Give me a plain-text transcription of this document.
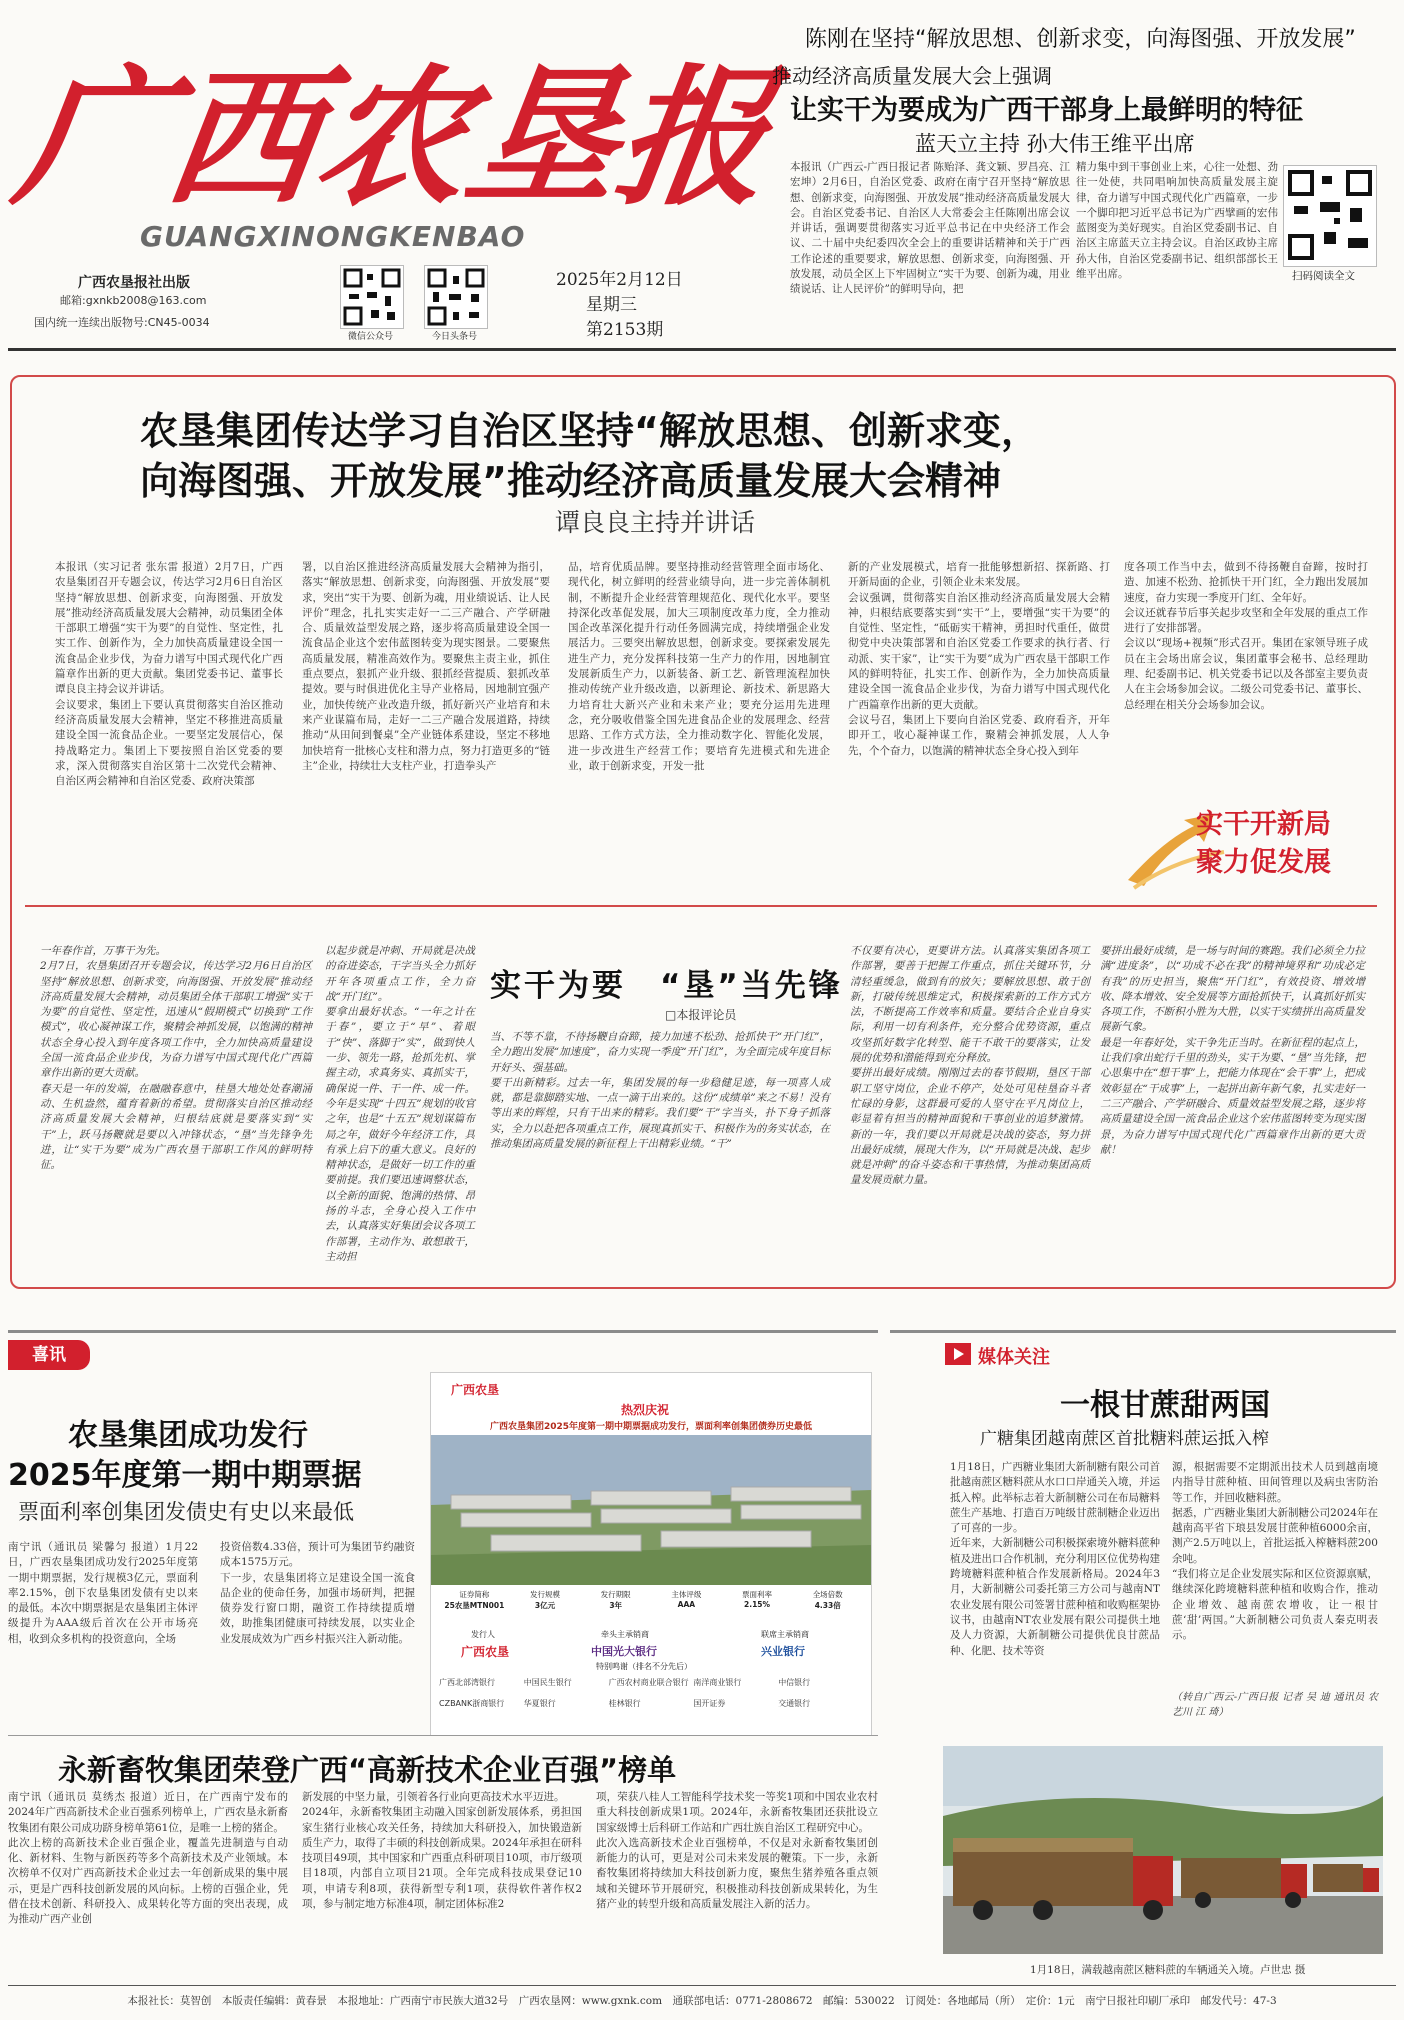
广西农垦报
GUANGXINONGKENBAO
广西农垦报社出版
邮箱:gxnkb2008@163.com
国内统一连续出版物号:CN45-0034
微信公众号	今日头条号
2025年2月12日
星期三
第2153期
陈刚在坚持“解放思想、创新求变，向海图强、开放发展”
推动经济高质量发展大会上强调
让实干为要成为广西干部身上最鲜明的特征
蓝天立主持 孙大伟王维平出席
本报讯（广西云-广西日报记者 陈贻泽、龚文颖、罗昌亮、江宏坤）2月6日，自治区党委、政府在南宁召开坚持“解放思想、创新求变，向海图强、开放发展”推动经济高质量发展大会。自治区党委书记、自治区人大常委会主任陈刚出席会议并讲话，强调要贯彻落实习近平总书记在中央经济工作会议、二十届中央纪委四次全会上的重要讲话精神和关于广西工作论述的重要要求，解放思想、创新求变，向海图强、开放发展，动员全区上下牢固树立“实干为要、创新为魂，用业绩说话、让人民评价”的鲜明导向，把
精力集中到干事创业上来，心往一处想、劲往一处使，共同唱响加快高质量发展主旋律，奋力谱写中国式现代化广西篇章，一步一个脚印把习近平总书记为广西擘画的宏伟蓝图变为美好现实。自治区党委副书记、自治区主席蓝天立主持会议。自治区政协主席孙大伟，自治区党委副书记、组织部部长王维平出席。	扫码阅读全文
农垦集团传达学习自治区坚持“解放思想、创新求变，
向海图强、开放发展”推动经济高质量发展大会精神
谭良良主持并讲话
本报讯（实习记者 张东雷 报道）2月7日，广西农垦集团召开专题会议，传达学习2月6日自治区坚持“解放思想、创新求变，向海图强、开放发展”推动经济高质量发展大会精神，动员集团全体干部职工增强“实干为要”的自觉性、坚定性，扎实工作、创新作为，全力加快高质量建设全国一流食品企业步伐，为奋力谱写中国式现代化广西篇章作出新的更大贡献。集团党委书记、董事长谭良良主持会议并讲话。
会议要求，集团上下要认真贯彻落实自治区推动经济高质量发展大会精神，坚定不移推进高质量建设全国一流食品企业。一要坚定发展信心，保持战略定力。集团上下要按照自治区党委的要求，深入贯彻落实自治区第十二次党代会精神、自治区两会精神和自治区党委、政府决策部
署，以自治区推进经济高质量发展大会精神为指引，落实“解放思想、创新求变，向海图强、开放发展”要求，突出“实干为要、创新为魂，用业绩说话、让人民评价”理念，扎扎实实走好一二三产融合、产学研融合、质量效益型发展之路，逐步将高质量建设全国一流食品企业这个宏伟蓝图转变为现实图景。二要聚焦高质量发展，精准高效作为。要聚焦主责主业，抓住重点要点，狠抓产业升级、狠抓经营提质、狠抓改革提效。要与时俱进优化主导产业格局，因地制宜强产业，加快传统产业改造升级，抓好新兴产业培育和未来产业谋篇布局，走好一二三产融合发展道路，持续推动“从田间到餐桌”全产业链体系建设，坚定不移地加快培育一批核心支柱和潜力点，努力打造更多的“链主”企业，持续壮大支柱产业，打造拳头产
品，培育优质品牌。要坚持推动经营管理全面市场化、现代化，树立鲜明的经营业绩导向，进一步完善体制机制，不断提升企业经营管理规范化、现代化水平。要坚持深化改革促发展，加大三项制度改革力度，全力推动国企改革深化提升行动任务圆满完成，持续增强企业发展活力。三要突出解放思想，创新求变。要探索发展先进生产力，充分发挥科技第一生产力的作用，因地制宜发展新质生产力，以新装备、新工艺、新管理流程加快推动传统产业升级改造，以新理论、新技术、新思路大力培育壮大新兴产业和未来产业；要充分运用先进理念，充分吸收借鉴全国先进食品企业的发展理念、经营思路、工作方式方法，全力推动数字化、智能化发展，进一步改进生产经营工作；要培育先进模式和先进企业，敢于创新求变，开发一批
新的产业发展模式，培育一批能够想新招、探新路、打开新局面的企业，引领企业未来发展。
会议强调，贯彻落实自治区推动经济高质量发展大会精神，归根结底要落实到“实干”上，要增强“实干为要”的自觉性、坚定性，“砥砺实干精神，勇担时代重任，做贯彻党中央决策部署和自治区党委工作要求的执行者、行动派、实干家”，让“实干为要”成为广西农垦干部职工作风的鲜明特征，扎实工作、创新作为，全力加快高质量建设全国一流食品企业步伐，为奋力谱写中国式现代化广西篇章作出新的更大贡献。
会议号召，集团上下要向自治区党委、政府看齐，开年即开工，收心凝神谋工作，聚精会神抓发展，人人争先，个个奋力，以饱满的精神状态全身心投入到年
度各项工作当中去，做到不待扬鞭自奋蹄，按时打造、加速不松劲、抢抓快干开门红，全力跑出发展加速度，奋力实现一季度开门红、全年好。
会议还就春节后事关起步攻坚和全年发展的重点工作进行了安排部署。
会议以“现场+视频”形式召开。集团在家领导班子成员在主会场出席会议，集团董事会秘书、总经理助理、纪委副书记、机关党委书记以及各部室主要负责人在主会场参加会议。二级公司党委书记、董事长、总经理在相关分会场参加会议。
实干开新局
聚力促发展
实干为要　“垦”当先锋
□本报评论员
一年春作首，万事干为先。
2月7日，农垦集团召开专题会议，传达学习2月6日自治区坚持“解放思想、创新求变，向海图强、开放发展”推动经济高质量发展大会精神，动员集团全体干部职工增强“实干为要”的自觉性、坚定性，迅速从“假期模式”切换到“工作模式”，收心凝神谋工作，聚精会神抓发展，以饱满的精神状态全身心投入到年度各项工作中，全力加快高质量建设全国一流食品企业步伐，为奋力谱写中国式现代化广西篇章作出新的更大贡献。
春天是一年的发端，在融融春意中，桂垦大地处处春潮涌动、生机盎然，蕴育着新的希望。贯彻落实自治区推动经济高质量发展大会精神，归根结底就是要落实到“实干”上，跃马扬鞭就是要以入冲锋状态，“垦”当先锋争先进，让“实干为要”成为广西农垦干部职工作风的鲜明特征。
以起步就是冲刺、开局就是决战的奋进姿态，干字当头全力抓好开年各项重点工作，全力奋战“开门红”。
要拿出最好状态。“一年之计在于春”，要立于“早”、着眼于“快”、落脚于“实”，做到快人一步、领先一路，抢抓先机、掌握主动，求真务实、真抓实干，确保说一件、干一件、成一件。今年是实现“十四五”规划的收官之年，也是“十五五”规划谋篇布局之年，做好今年经济工作，具有承上启下的重大意义。良好的精神状态，是做好一切工作的重要前提。我们要迅速调整状态，以全新的面貌、饱满的热情、昂扬的斗志，全身心投入工作中去，认真落实好集团会议各项工作部署，主动作为、敢想敢干，主动担
当、不等不靠，不待扬鞭自奋蹄，接力加速不松劲、抢抓快干“开门红”，全力跑出发展“加速度”，奋力实现一季度“开门红”，为全面完成年度目标开好头、强基础。
要干出新精彩。过去一年，集团发展的每一步稳健足迹，每一项喜人成就，都是靠脚踏实地、一点一滴干出来的。这份“成绩单”来之不易！没有等出来的辉煌，只有干出来的精彩。我们要“干”字当头，扑下身子抓落实，全力以赴把各项重点工作，展现真抓实干、积极作为的务实状态，在推动集团高质量发展的新征程上干出精彩业绩。“干”
不仅要有决心，更要讲方法。认真落实集团各项工作部署，要善于把握工作重点，抓住关键环节，分清轻重缓急，做到有的放矢；要解放思想、敢于创新，打破传统思维定式，积极探索新的工作方式方法，不断提高工作效率和质量。要结合企业自身实际，利用一切有利条件，充分整合优势资源，重点攻坚抓好数字化转型、能干不敢干的要落实，让发展的优势和潜能得到充分释放。
要拼出最好成绩。刚刚过去的春节假期，垦区干部职工坚守岗位，企业不停产，处处可见桂垦奋斗者忙碌的身影，这群最可爱的人坚守在平凡岗位上，彰显着有担当的精神面貌和干事创业的追梦激情。新的一年，我们要以开局就是决战的姿态，努力拼出最好成绩，展现大作为，以“开局就是决战、起步就是冲刺”的奋斗姿态和干事热情，为推动集团高质量发展贡献力量。
要拼出最好成绩，是一场与时间的赛跑。我们必须全力拉满“进度条”，以“功成不必在我”的精神境界和“功成必定有我”的历史担当，聚焦“开门红”，有效投资、增效增收、降本增效、安全发展等方面抢抓快干，认真抓好抓实各项工作，不断积小胜为大胜，以实干实绩拼出高质量发展新气象。
最是一年春好处，实干争先正当时。在新征程的起点上，让我们拿出蛇行千里的劲头，实干为要、“垦”当先锋，把心思集中在“想干事”上，把能力体现在“会干事”上，把成效彰显在“干成事”上，一起拼出新年新气象，扎实走好一二三产融合、产学研融合、质量效益型发展之路，逐步将高质量建设全国一流食品企业这个宏伟蓝图转变为现实图景，为奋力谱写中国式现代化广西篇章作出新的更大贡献！
喜讯
农垦集团成功发行
2025年度第一期中期票据
票面利率创集团发债史有史以来最低
南宁讯（通讯员 梁馨匀 报道）1月22日，广西农垦集团成功发行2025年度第一期中期票据，发行规模3亿元，票面利率2.15%，创下农垦集团发债有史以来的最低。本次中期票据是农垦集团主体评级提升为AAA级后首次在公开市场亮相，收到众多机构的投资意向，全场
投资倍数4.33倍，预计可为集团节约融资成本1575万元。
下一步，农垦集团将立足建设全国一流食品企业的使命任务，加强市场研判，把握债券发行窗口期，融资工作持续提质增效，助推集团健康可持续发展，以实业企业发展成效为广西乡村振兴注入新动能。
广西农垦
热烈庆祝
广西农垦集团2025年度第一期中期票据成功发行，票面利率创集团债券历史最低
证券简称
25农垦MTN001
发行规模
3亿元
发行期限
3年
主体评级
AAA
票面利率
2.15%
全场倍数
4.33倍
发行人
广西农垦
牵头主承销商
中国光大银行
联席主承销商
兴业银行
特别鸣谢（排名不分先后）
广西北部湾银行	中国民生银行	广西农村商业联合银行 南洋商业银行	中信银行
CZBANK浙商银行	华夏银行	桂林银行	国开证券	交通银行
媒体关注
一根甘蔗甜两国
广糖集团越南蔗区首批糖料蔗运抵入榨
1月18日，广西糖业集团大新制糖有限公司首批越南蔗区糖料蔗从水口口岸通关入境，并运抵入榨。此举标志着大新制糖公司在布局糖料蔗生产基地、打造百万吨级甘蔗制糖企业迈出了可喜的一步。
近年来，大新制糖公司积极探索境外糖料蔗种植及进出口合作机制，充分利用区位优势构建跨境糖料蔗种植合作发展新格局。2024年3月，大新制糖公司委托第三方公司与越南NT农业发展有限公司签署甘蔗种植和收购框架协议书，由越南NT农业发展有限公司提供土地及人力资源，大新制糖公司提供优良甘蔗品种、化肥、技术等资
源，根据需要不定期派出技术人员到越南境内指导甘蔗种植、田间管理以及病虫害防治等工作，并回收糖料蔗。
据悉，广西糖业集团大新制糖公司2024年在越南高平省下琅县发展甘蔗种植6000余亩，测产2.5万吨以上，首批运抵入榨糖料蔗200余吨。
“我们将立足企业发展实际和区位资源禀赋，继续深化跨境糖料蔗种植和收购合作，推动企业增效、越南蔗农增收，让一根甘蔗‘甜’两国。”大新制糖公司负责人秦克明表示。
（转自广西云-广西日报 记者 吴 迪 通讯员 农艺川 江 琦）
1月18日，满载越南蔗区糖料蔗的车辆通关入境。卢世忠 摄
永新畜牧集团荣登广西“高新技术企业百强”榜单
南宁讯（通讯员 莫绣杰 报道）近日，在广西南宁发布的2024年广西高新技术企业百强系列榜单上，广西农垦永新畜牧集团有限公司成功跻身榜单第61位，是唯一上榜的猪企。
此次上榜的高新技术企业百强企业，覆盖先进制造与自动化、新材料、生物与新医药等多个高新技术及产业领域。本次榜单不仅对广西高新技术企业过去一年创新成果的集中展示，更是广西科技创新发展的风向标。上榜的百强企业，凭借在技术创新、科研投入、成果转化等方面的突出表现，成为推动广西产业创
新发展的中坚力量，引领着各行业向更高技术水平迈进。
2024年，永新畜牧集团主动融入国家创新发展体系，勇担国家生猪行业核心攻关任务，持续加大科研投入，加快锻造新质生产力，取得了丰硕的科技创新成果。2024年承担在研科技项目49项，其中国家和广西重点科研项目10项，市厅级项目18项，内部自立项目21项。全年完成科技成果登记10项，申请专利8项，获得新型专利1项，获得软件著作权2项，参与制定地方标准4项，制定团体标准2
项，荣获八桂人工智能科学技术奖一等奖1项和中国农业农村重大科技创新成果1项。2024年，永新畜牧集团还获批设立国家级博士后科研工作站和广西壮族自治区工程研究中心。
此次入选高新技术企业百强榜单，不仅是对永新畜牧集团创新能力的认可，更是对公司未来发展的鞭策。下一步，永新畜牧集团将持续加大科技创新力度，聚焦生猪养殖各重点领域和关键环节开展研究，积极推动科技创新成果转化，为生猪产业的转型升级和高质量发展注入新的活力。
本报社长：莫智创　本版责任编辑：黄春景　本报地址：广西南宁市民族大道32号　广西农垦网：www.gxnk.com　通联部电话：0771-2808672　邮编：530022　订阅处：各地邮局（所）　定价：1元　南宁日报社印刷厂承印　邮发代号：47-3
